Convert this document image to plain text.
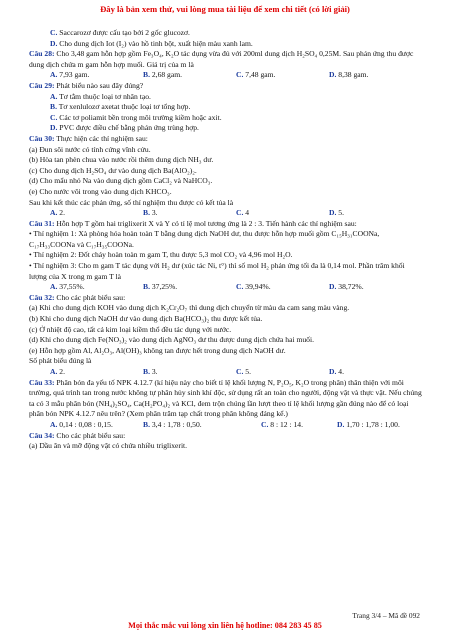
Đây là bản xem thử, vui lòng mua tài liệu để xem chi tiết (có lời giải)
C. Saccarozơ được cấu tạo bởi 2 gốc glucozơ.
D. Cho dung dịch Iot (I₂) vào hồ tinh bột, xuất hiện màu xanh lam.
Câu 28: Cho 3,48 gam hỗn hợp gồm Fe₃O₄, K₂O tác dụng vừa đủ với 200ml dung dịch H₂SO₄ 0,25M. Sau phản ứng thu được dung dịch chứa m gam hỗn hợp muối. Giá trị của m là
A. 7,93 gam.	B. 2,68 gam.	C. 7,48 gam.	D. 8,38 gam.
Câu 29: Phát biểu nào sau đây đúng?
A. Tơ tằm thuộc loại tơ nhân tạo.
B. Tơ xenlulozơ axetat thuộc loại tơ tổng hợp.
C. Các tơ poliamit bền trong môi trường kiềm hoặc axit.
D. PVC được điều chế bằng phản ứng trùng hợp.
Câu 30: Thực hiện các thí nghiệm sau:
(a) Đun sôi nước có tính cứng vĩnh cửu.
(b) Hòa tan phèn chua vào nước rồi thêm dung dịch NH₃ dư.
(c) Cho dung dịch H₂SO₄ dư vào dung dịch Ba(AlO₂)₂.
(d) Cho mẩu nhỏ Na vào dung dịch gồm CaCl₂ và NaHCO₃.
(e) Cho nước vôi trong vào dung dịch KHCO₃.
Sau khi kết thúc các phản ứng, số thí nghiệm thu được có kết tủa là
A. 2.	B. 3.	C. 4	D. 5.
Câu 31: Hỗn hợp T gồm hai triglixerit X và Y có tỉ lệ mol tương ứng là 2 : 3. Tiến hành các thí nghiệm sau:
• Thí nghiệm 1: Xà phòng hóa hoàn toàn T bằng dung dịch NaOH dư, thu được hỗn hợp muối gồm C₁₅H₃₁COONa, C₁₇H₃₃COONa và C₁₇H₃₅COONa.
• Thí nghiệm 2: Đốt cháy hoàn toàn m gam T, thu được 5,3 mol CO₂ và 4,96 mol H₂O.
• Thí nghiệm 3: Cho m gam T tác dụng với H₂ dư (xúc tác Ni, t°) thì số mol H₂ phản ứng tối đa là 0,14 mol. Phần trăm khối lượng của X trong m gam T là
A. 37,55%.	B. 37,25%.	C. 39,94%.	D. 38,72%.
Câu 32: Cho các phát biểu sau:
(a) Khi cho dung dịch KOH vào dung dịch K₂Cr₂O₇ thì dung dịch chuyển từ màu da cam sang màu vàng.
(b) Khi cho dung dịch NaOH dư vào dung dịch Ba(HCO₃)₂ thu được kết tủa.
(c) Ở nhiệt độ cao, tất cả kim loại kiềm thổ đều tác dụng với nước.
(d) Khi cho dung dịch Fe(NO₃)₂ vào dung dịch AgNO₃ dư thu được dung dịch chứa hai muối.
(e) Hỗn hợp gồm Al, Al₂O₃, Al(OH)₃ không tan được hết trong dung dịch NaOH dư.
Số phát biểu đúng là
A. 2.	B. 3.	C. 5.	D. 4.
Câu 33: Phân bón đa yếu tố NPK 4.12.7 (kí hiệu này cho biết tỉ lệ khối lượng N, P₂O₅, K₂O trong phân) thân thiện với môi trường, quá trình tan trong nước không tự phân hủy sinh khí độc, sử dụng rất an toàn cho người, động vật và thực vật. Nếu chúng ta có 3 mẫu phân bón (NH₄)₂SO₄, Ca(H₂PO₄)₂ và KCl, đem trộn chúng lần lượt theo tỉ lệ khối lượng gần đúng nào để có loại phân bón NPK 4.12.7 nêu trên? (Xem phân trăm tạp chất trong phân không đáng kể.)
A. 0,14 : 0,08 : 0,15.	B. 3,4 : 1,78 : 0,50.	C. 8 : 12 : 14.	D. 1,70 : 1,78 : 1,00.
Câu 34: Cho các phát biểu sau:
(a) Dầu ăn và mỡ động vật có chứa nhiều triglixerit.
Trang 3/4 – Mã đề 092
Mọi thắc mắc vui lòng xin liên hệ hotline: 084 283 45 85
